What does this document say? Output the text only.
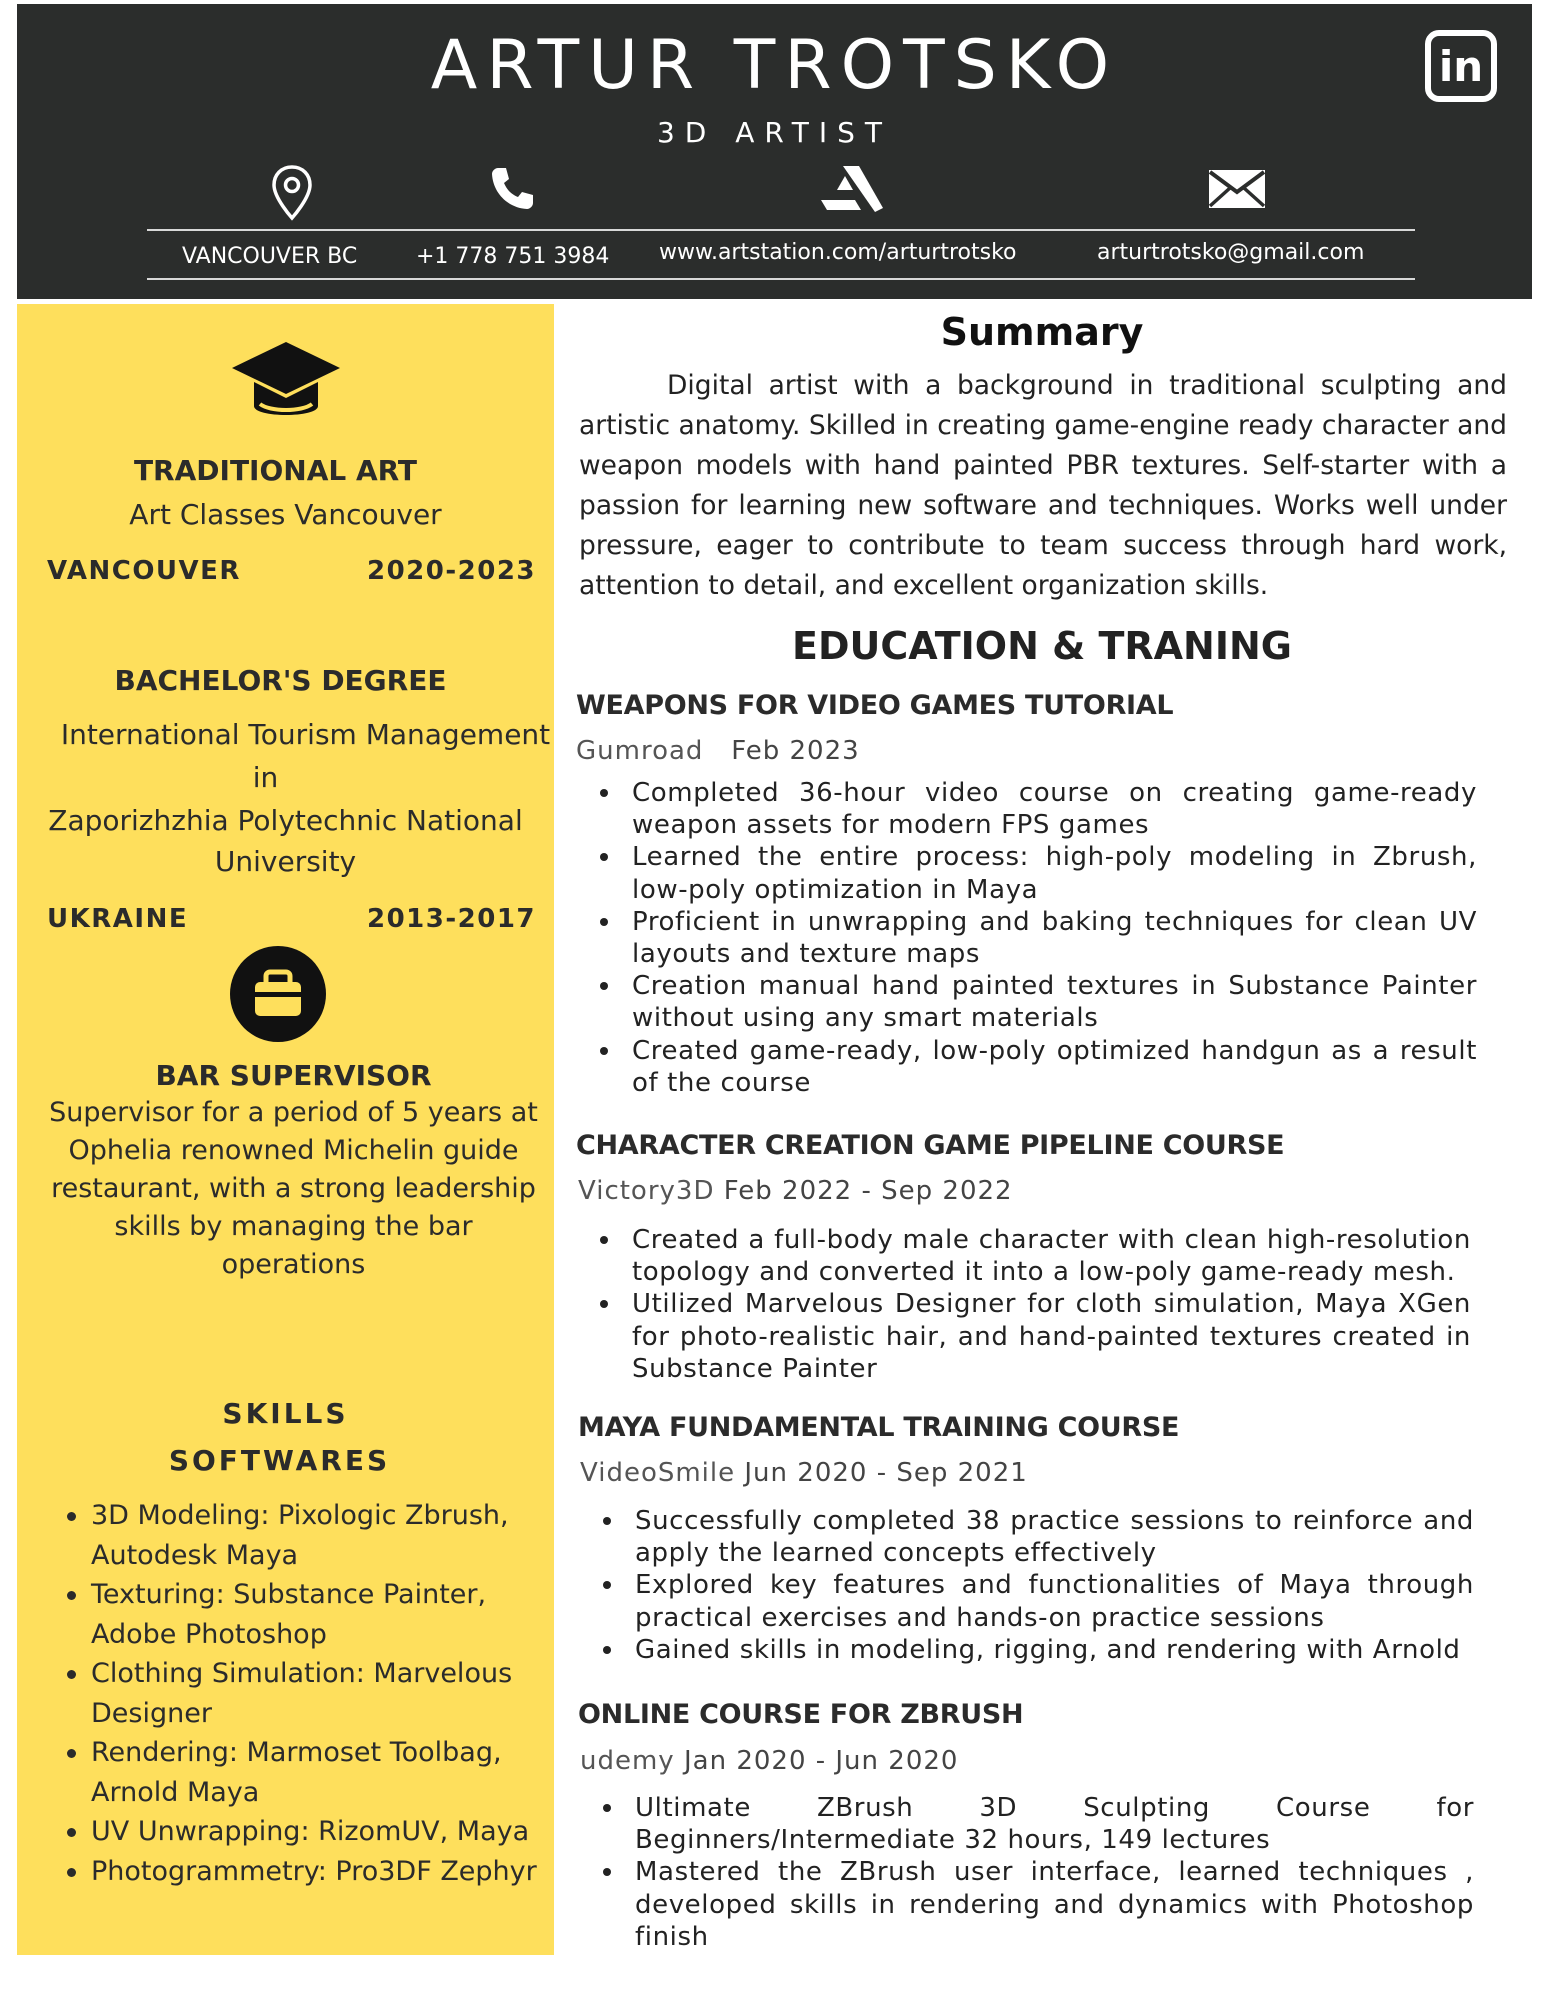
ARTUR TROTSKO
3D ARTIST
in
VANCOUVER BC	+1 778 751 3984 www.artstation.com/arturtrotsko	arturtrotsko@gmail.com
TRADITIONAL ART
Art Classes Vancouver
VANCOUVER	2020-2023
BACHELOR'S DEGREE
International Tourism Management
in
Zaporizhzhia Polytechnic National
University
UKRAINE	2013-2017
BAR SUPERVISOR
Supervisor for a period of 5 years at
Ophelia renowned Michelin guide
restaurant, with a strong leadership
skills by managing the bar
operations
SKILLS
SOFTWARES
3D Modeling: Pixologic Zbrush, Autodesk Maya
Texturing: Substance Painter, Adobe Photoshop
Clothing Simulation: Marvelous Designer
Rendering: Marmoset Toolbag, Arnold Maya
UV Unwrapping: RizomUV, Maya
Photogrammetry: Pro3DF Zephyr
Summary

Digital artist with a background in traditional sculpting and artistic anatomy. Skilled in creating game-engine ready character and weapon models with hand painted PBR textures. Self-starter with a passion for learning new software and techniques. Works well under pressure, eager to contribute to team success through hard work, attention to detail, and excellent organization skills.

EDUCATION & TRANING
WEAPONS FOR VIDEO GAMES TUTORIAL
Gumroad Feb 2023
Completed 36-hour video course on creating game-ready weapon assets for modern FPS games
Learned the entire process: high-poly modeling in Zbrush, low-poly optimization in Maya
Proficient in unwrapping and baking techniques for clean UV layouts and texture maps
Creation manual hand painted textures in Substance Painter without using any smart materials
Created game-ready, low-poly optimized handgun as a result of the course
CHARACTER CREATION GAME PIPELINE COURSE
Victory3D Feb 2022 - Sep 2022
Created a full-body male character with clean high-resolution topology and converted it into a low-poly game-ready mesh.
Utilized Marvelous Designer for cloth simulation, Maya XGen for photo-realistic hair, and hand-painted textures created in Substance Painter
MAYA FUNDAMENTAL TRAINING COURSE
VideoSmile Jun 2020 - Sep 2021
Successfully completed 38 practice sessions to reinforce and apply the learned concepts effectively
Explored key features and functionalities of Maya through practical exercises and hands-on practice sessions
Gained skills in modeling, rigging, and rendering with Arnold
ONLINE COURSE FOR ZBRUSH
udemy Jan 2020 - Jun 2020
Ultimate ZBrush 3D Sculpting Course for Beginners/Intermediate 32 hours, 149 lectures
Mastered the ZBrush user interface, learned techniques , developed skills in rendering and dynamics with Photoshop finish
